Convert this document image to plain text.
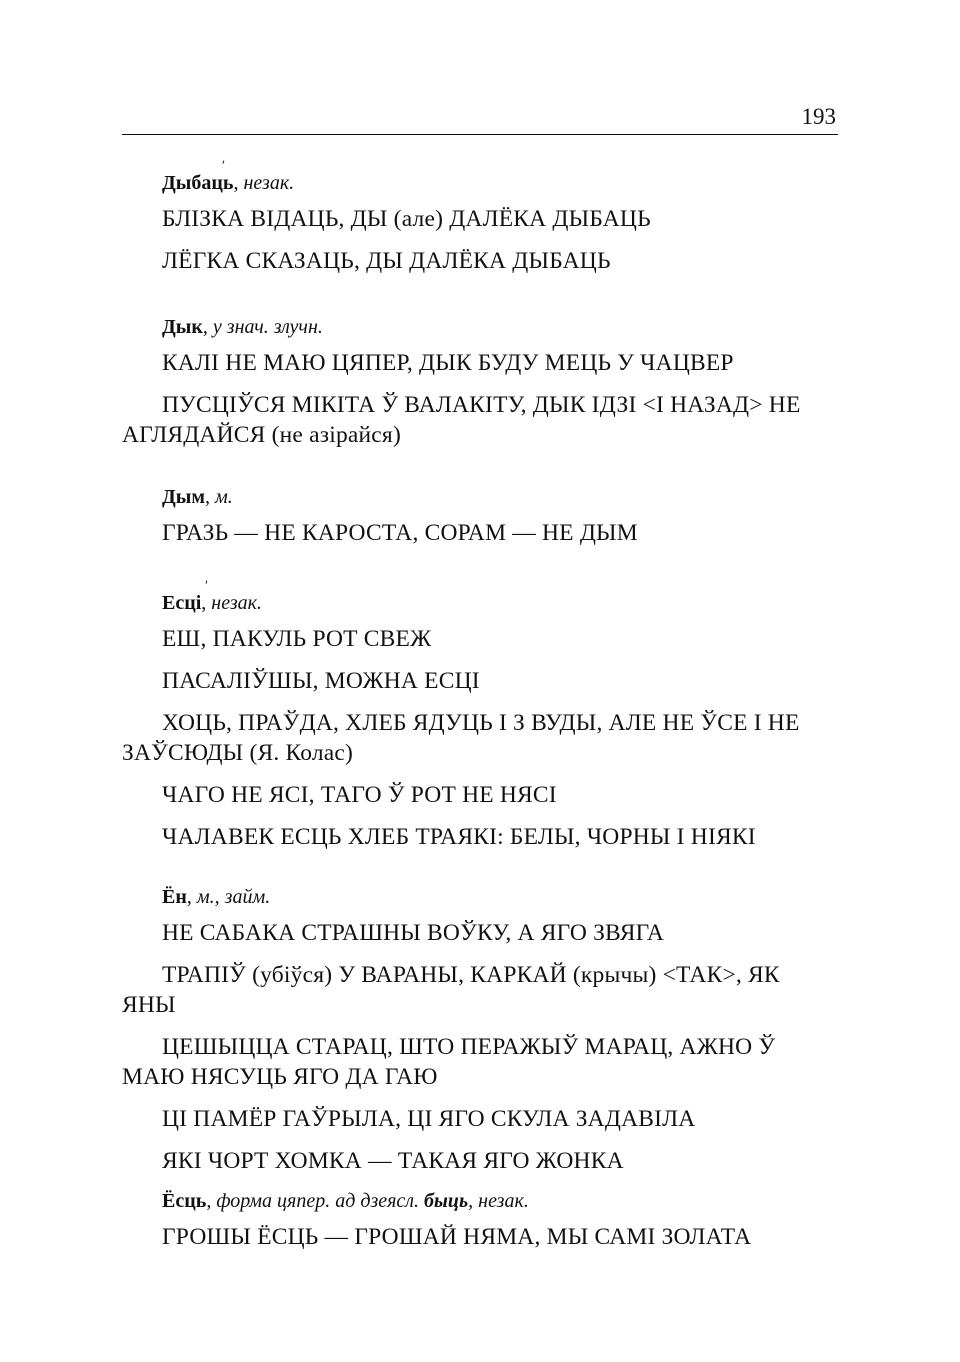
193

ʹ
Дыбаць, незак.

БЛІЗКА ВІДАЦЬ, ДЫ (але) ДАЛЁКА ДЫБАЦЬ

ЛЁГКА СКАЗАЦЬ, ДЫ ДАЛЁКА ДЫБАЦЬ

Дык, у знач. злучн.

КАЛІ НЕ МАЮ ЦЯПЕР, ДЫК БУДУ МЕЦЬ У ЧАЦВЕР

ПУСЦІЎСЯ МІКІТА Ў ВАЛАКІТУ, ДЫК ІДЗІ <І НАЗАД> НЕ АГЛЯДАЙСЯ (не азірайся)

Дым, м.

ГРАЗЬ — НЕ КАРОСТА, СОРАМ — НЕ ДЫМ

ʹ
Есці, незак.

ЕШ, ПАКУЛЬ РОТ СВЕЖ

ПАСАЛІЎШЫ, МОЖНА ЕСЦІ

ХОЦЬ, ПРАЎДА, ХЛЕБ ЯДУЦЬ І З ВУДЫ, АЛЕ НЕ ЎСЕ І НЕ ЗАЎСЮДЫ (Я. Колас)

ЧАГО НЕ ЯСІ, ТАГО Ў РОТ НЕ НЯСІ

ЧАЛАВЕК ЕСЦЬ ХЛЕБ ТРАЯКІ: БЕЛЫ, ЧОРНЫ І НІЯКІ

Ён, м., займ.

НЕ САБАКА СТРАШНЫ ВОЎКУ, А ЯГО ЗВЯГА

ТРАПІЎ (убіўся) У ВАРАНЫ, КАРКАЙ (крычы) <ТАК>, ЯК ЯНЫ

ЦЕШЫЦЦА СТАРАЦ, ШТО ПЕРАЖЫЎ МАРАЦ, АЖНО Ў МАЮ НЯСУЦЬ ЯГО ДА ГАЮ

ЦІ ПАМЁР ГАЎРЫЛА, ЦІ ЯГО СКУЛА ЗАДАВІЛА

ЯКІ ЧОРТ ХОМКА — ТАКАЯ ЯГО ЖОНКА

Ёсць, форма цяпер. ад дзеясл. быць, незак.

ГРОШЫ ЁСЦЬ — ГРОШАЙ НЯМА, МЫ САМІ ЗОЛАТА
